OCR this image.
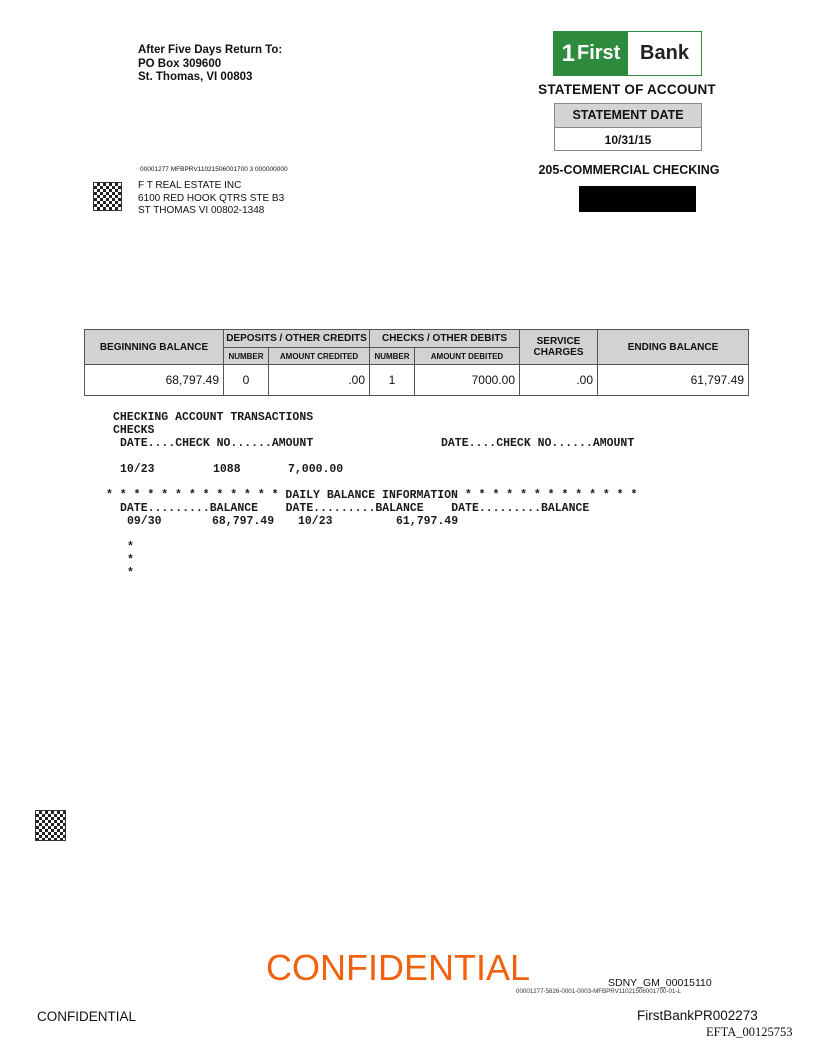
After Five Days Return To:
PO Box 309600
St. Thomas, VI 00803
1 First Bank
STATEMENT OF ACCOUNT
STATEMENT DATE
10/31/15
205-COMMERCIAL CHECKING
00001277 MFBPRV11021506001700 3 000000000
F T REAL ESTATE INC
6100 RED HOOK QTRS STE B3
ST THOMAS VI 00802-1348
BEGINNING BALANCE	DEPOSITS / OTHER CREDITS		CHECKS / OTHER DEBITS		SERVICE CHARGES	ENDING BALANCE
	NUMBER	AMOUNT CREDITED	NUMBER	AMOUNT DEBITED		
68,797.49	0	.00	1	7000.00	.00	61,797.49
CHECKING ACCOUNT TRANSACTIONS
CHECKS
DATE....CHECK NO......AMOUNT	DATE....CHECK NO......AMOUNT
10/23	1088	7,000.00
* * * * * * * * * * * * * DAILY BALANCE INFORMATION * * * * * * * * * * * * *
DATE.........BALANCE    DATE.........BALANCE    DATE.........BALANCE
09/30	68,797.49 10/23	61,797.49
*
*
*
CONFIDENTIAL	SDNY_GM_00015110
00001277-5826-0001-0003-MFBPRV11021506001700-01-L
CONFIDENTIAL	FirstBankPR002273
EFTA_00125753
